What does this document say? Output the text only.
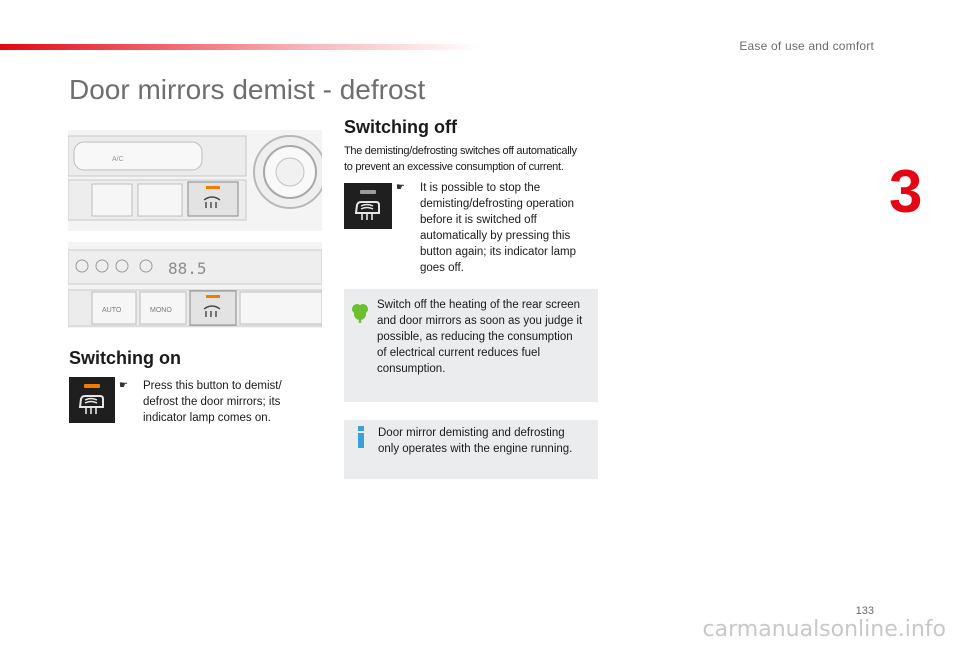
Ease of use and comfort
3
Door mirrors demist - defrost
A/C
88.5
AUTO	MONO
Switching on
☛ Press this button to demist/
defrost the door mirrors; its
indicator lamp comes on.
Switching off
The demisting/defrosting switches off automatically
to prevent an excessive consumption of current.
☛ It is possible to stop the
demisting/defrosting operation
before it is switched off
automatically by pressing this
button again; its indicator lamp
goes off.
Switch off the heating of the rear screen
and door mirrors as soon as you judge it
possible, as reducing the consumption
of electrical current reduces fuel
consumption.
Door mirror demisting and defrosting
only operates with the engine running.
133
carmanualsonline.info
